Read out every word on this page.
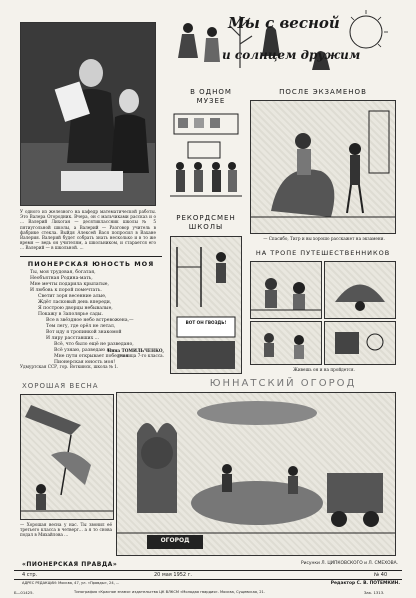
У одного из железного на кафедр математической работы. Это Валера Огородник. Вчера, он с мальчиками рассказ и о ... Валерий Лихоган — десятиклассник школы № 5 пятиугольной школы, а Валерий — Разговор учитель в фабрике стекла. Выйдя Алексей Вася попросил в Вахане Валерия. Валерий будет собрать знать несколько и в то же время — ведь он учителям, а школьником, и старается его ... Валерий — в школьной. ...
Мы с весной
и солнцем дружим
В ОДНОМ МУЗЕЕ
ПОСЛЕ ЭКЗАМЕНОВ
— Спасибо, Тигр и вы хорошо расскажет на экзамени.
РЕКОРДСМЕН ШКОЛЫ
ВОТ ОН ГВОЗДЬ!
НА ТРОПЕ ПУТЕШЕСТВЕННИКОВ
Живешь он и на пройдется.
ПИОНЕРСКАЯ ЮНОСТЬ МОЯ
Ты, моя трудовая, богатая,
Необъятная Родина-мать,
Мне мечты подарила крылатые,
И любовь к порой помечтать.
Светит зоря весенние алые,
Ждёт ласковый день впереди,
Я построю дворцы небывалые,
Покажу в Заполярье сады.
Все в звёздное небо встревожена,—
Тем легу, где орёл не летал,
Вот иду я тропинкой знакомой
И лиру расставших ...
Всё, что было ещё не разведано,
Всё узнаю, разведаю я,—
Мне пути открывает победная
Пионерская юность моя!
Нина ТОМИЛЬЧЕНКО,
ученица 7-го класса.
Удмуртская ССР, гор. Воткинск, школа № 1.
ХОРОШАЯ ВЕСНА	ЮННАТСКИЙ ОГОРОД
— Хорошая весна у нас. Ты звонил её третьего класса в четверг... а я то снова подал в Михайлова ...
ОГОРОД
«ПИОНЕРСКАЯ ПРАВДА»	Рисунки Л. ЦИПКОВСКОГО и Л. СМЕХОВА.
4 стр.	20 мая 1952 г.	№ 40
АДРЕС РЕДАКЦИИ: Москва, 47, ул. «Правды», 24, ...	Редактор С. В. ПОТЕМКИН.
Б—01425.	Типография «Красное знамя» издательства ЦК ВЛКСМ «Молодая гвардия». Москва, Сущевская, 21.	Зак. 1313.
